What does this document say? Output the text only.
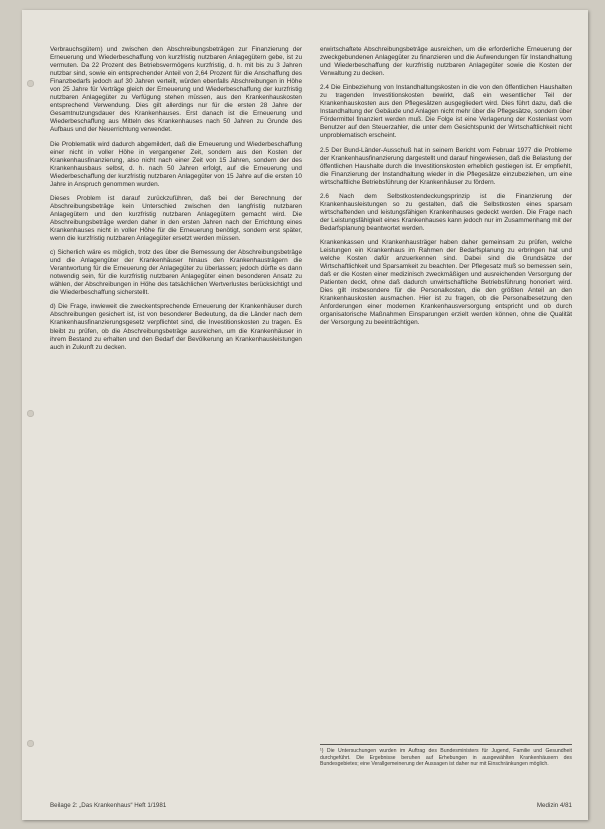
Verbrauchsgütern) und zwischen den Abschreibungsbeträgen zur Finanzierung der Erneuerung und Wiederbeschaffung von kurzfristig nutzbaren Anlagegütern gebe, ist zu vermuten. Da 22 Prozent des Betriebsvermögens kurzfristig, d. h. mit bis zu 3 Jahren nutzbar sind, sowie ein entsprechender Anteil von 2,64 Prozent für die Anschaffung des Finanzbedarfs jedoch auf 30 Jahren verteilt, würden ebenfalls Abschreibungen in Höhe von 25 Jahre für Verträge gleich der Erneuerung und Wiederbeschaffung der kurzfristig nutzbaren Anlagegüter zu Verfügung stehen müssen, aus den Krankenhauskosten entsprechend Verwendung. Dies gilt allerdings nur für die ersten 28 Jahre der Gesamtnutzungsdauer des Krankenhauses. Erst danach ist die Erneuerung und Wiederbeschaffung aus Mitteln des Krankenhauses nach 50 Jahren zu Grunde des Aufbaus und der Neuerrichtung verwendet.

Die Problematik wird dadurch abgemildert, daß die Erneuerung und Wiederbeschaffung einer nicht in voller Höhe in vergangener Zeit, sondern aus den Kosten der Krankenhausfinanzierung, also nicht nach einer Zeit von 15 Jahren, sondern der des Krankenhausbaus selbst, d. h. nach 50 Jahren erfolgt, auf die Erneuerung und Wiederbeschaffung der kurzfristig nutzbaren Anlagegüter von 15 Jahre auf die ersten 10 Jahre in Anspruch genommen wurden.

Dieses Problem ist darauf zurückzuführen, daß bei der Berechnung der Abschreibungsbeträge kein Unterschied zwischen den langfristig nutzbaren Anlagegütern und den kurzfristig nutzbaren Anlagegütern gemacht wird. Die Abschreibungsbeträge werden daher in den ersten Jahren nach der Errichtung eines Krankenhauses nicht in voller Höhe für die Erneuerung benötigt, sondern erst später, wenn die kurzfristig nutzbaren Anlagegüter ersetzt werden müssen.

c) Sicherlich wäre es möglich, trotz des über die Bemessung der Abschreibungsbeträge und die Anlagengüter der Krankenhäuser hinaus den Krankenhausträgern die Verantwortung für die Erneuerung der Anlagegüter zu überlassen; jedoch dürfte es dann notwendig sein, für die kurzfristig nutzbaren Anlagegüter einen besonderen Ansatz zu wählen, der Abschreibungen in Höhe des tatsächlichen Wertverlustes berücksichtigt und die Wiederbeschaffung sicherstellt.

d) Die Frage, inwieweit die zweckentsprechende Erneuerung der Krankenhäuser durch Abschreibungen gesichert ist, ist von besonderer Bedeutung, da die Länder nach dem Krankenhausfinanzierungsgesetz verpflichtet sind, die Investitionskosten zu tragen. Es bleibt zu prüfen, ob die Abschreibungsbeträge ausreichen, um die Krankenhäuser in ihrem Bestand zu erhalten und den Bedarf der Bevölkerung an Krankenhausleistungen auch in Zukunft zu decken.

erwirtschaftete Abschreibungsbeträge ausreichen, um die erforderliche Erneuerung der zweckgebundenen Anlagegüter zu finanzieren und die Aufwendungen für Instandhaltung und Wiederbeschaffung der kurzfristig nutzbaren Anlagegüter sowie die Kosten der Verwaltung zu decken.

2.4 Die Einbeziehung von Instandhaltungskosten in die von den öffentlichen Haushalten zu tragenden Investitionskosten bewirkt, daß ein wesentlicher Teil der Krankenhauskosten aus den Pflegesätzen ausgegliedert wird. Dies führt dazu, daß die Instandhaltung der Gebäude und Anlagen nicht mehr über die Pflegesätze, sondern über Fördermittel finanziert werden muß. Die Folge ist eine Verlagerung der Kostenlast vom Benutzer auf den Steuerzahler, die unter dem Gesichtspunkt der Wirtschaftlichkeit nicht unproblematisch erscheint.

2.5 Der Bund-Länder-Ausschuß hat in seinem Bericht vom Februar 1977 die Probleme der Krankenhausfinanzierung dargestellt und darauf hingewiesen, daß die Belastung der öffentlichen Haushalte durch die Investitionskosten erheblich gestiegen ist. Er empfiehlt, die Finanzierung der Instandhaltung wieder in die Pflegesätze einzubeziehen, um eine wirtschaftliche Betriebsführung der Krankenhäuser zu fördern.

2.6 Nach dem Selbstkostendeckungsprinzip ist die Finanzierung der Krankenhausleistungen so zu gestalten, daß die Selbstkosten eines sparsam wirtschaftenden und leistungsfähigen Krankenhauses gedeckt werden. Die Frage nach der Leistungsfähigkeit eines Krankenhauses kann jedoch nur im Zusammenhang mit der Bedarfsplanung beantwortet werden.

Krankenkassen und Krankenhausträger haben daher gemeinsam zu prüfen, welche Leistungen ein Krankenhaus im Rahmen der Bedarfsplanung zu erbringen hat und welche Kosten dafür anzuerkennen sind. Dabei sind die Grundsätze der Wirtschaftlichkeit und Sparsamkeit zu beachten. Der Pflegesatz muß so bemessen sein, daß er die Kosten einer medizinisch zweckmäßigen und ausreichenden Versorgung der Patienten deckt, ohne daß dadurch unwirtschaftliche Betriebsführung honoriert wird. Dies gilt insbesondere für die Personalkosten, die den größten Anteil an den Krankenhauskosten ausmachen. Hier ist zu fragen, ob die Personalbesetzung den Anforderungen einer modernen Krankenhausversorgung entspricht und ob durch organisatorische Maßnahmen Einsparungen erzielt werden können, ohne die Qualität der Versorgung zu beeinträchtigen.

¹) Die Untersuchungen wurden im Auftrag des Bundesministers für Jugend, Familie und Gesundheit durchgeführt. Die Ergebnisse beruhen auf Erhebungen in ausgewählten Krankenhäusern des Bundesgebietes; eine Verallgemeinerung der Aussagen ist daher nur mit Einschränkungen möglich.

Beilage 2: „Das Krankenhaus“ Heft 1/1981	Medizin 4/81
